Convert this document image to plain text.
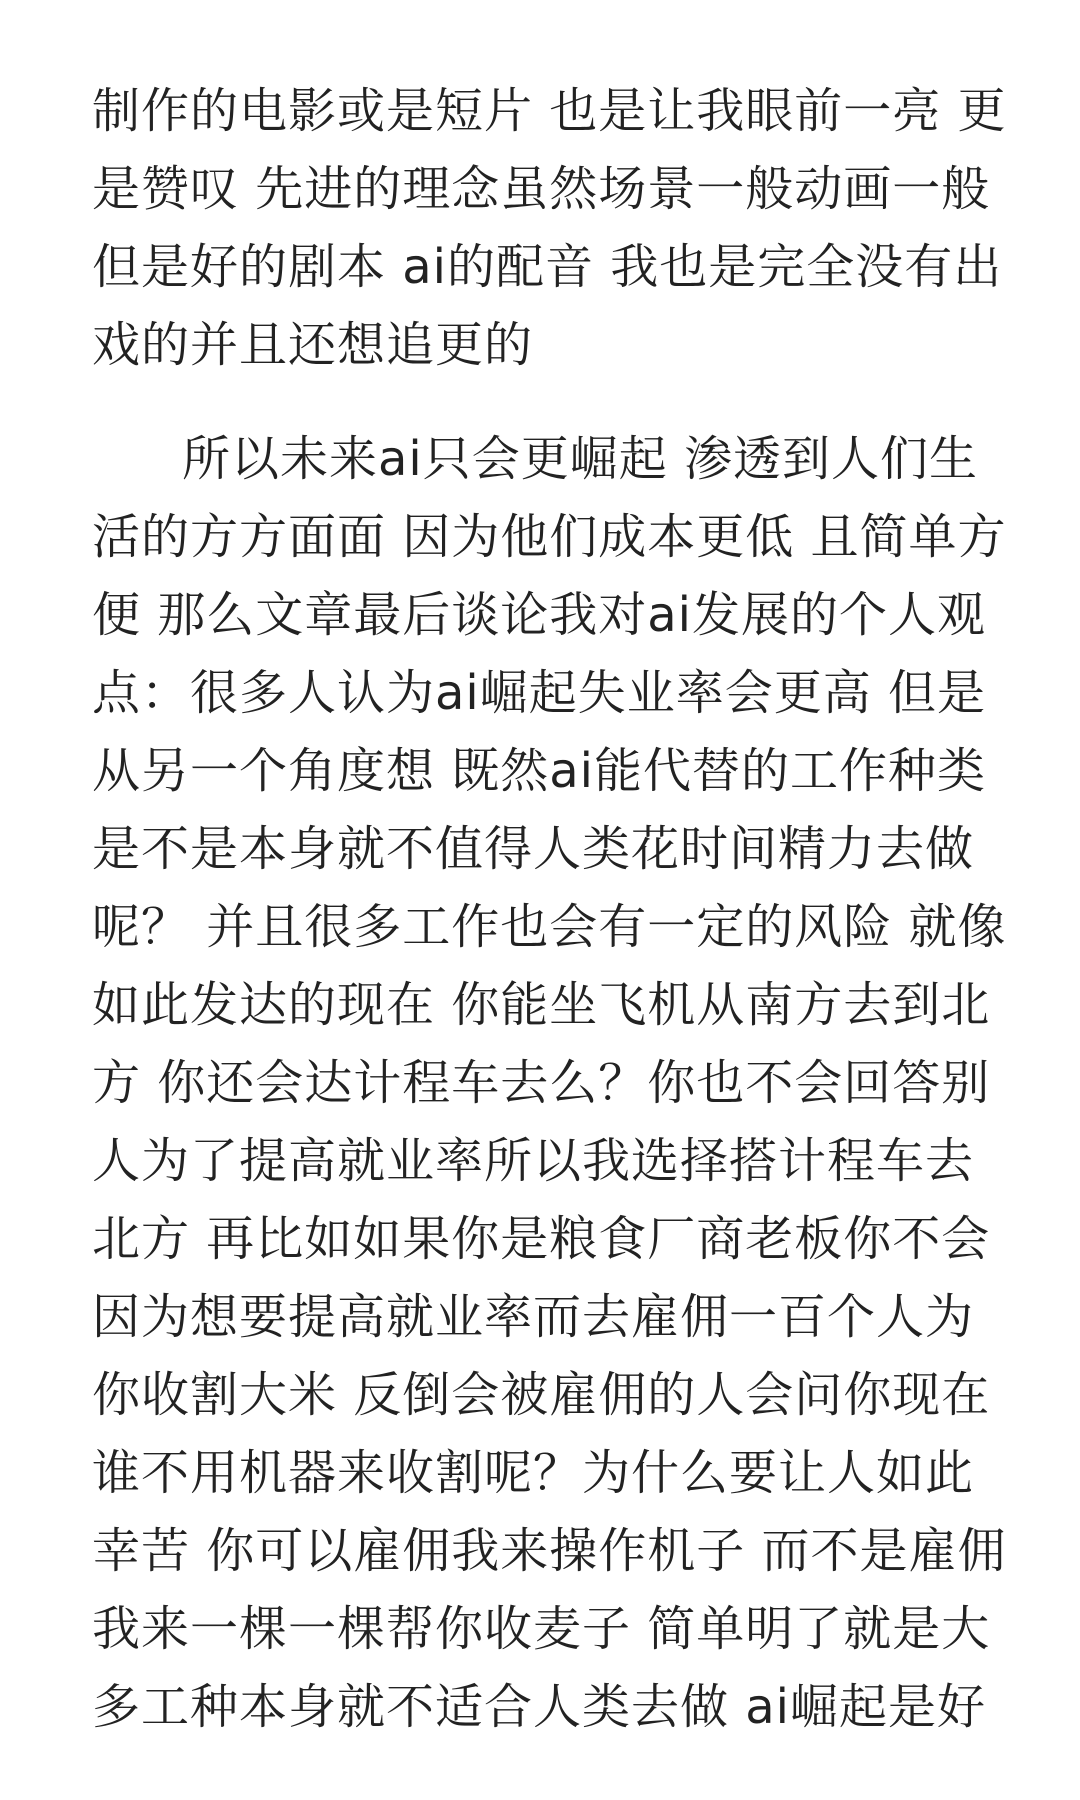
制作的电影或是短片 也是让我眼前一亮 更
是赞叹 先进的理念虽然场景一般动画一般
但是好的剧本 ai的配音 我也是完全没有出
戏的并且还想追更的
所以未来ai只会更崛起 渗透到人们生
活的方方面面 因为他们成本更低 且简单方
便 那么文章最后谈论我对ai发展的个人观
点：很多人认为ai崛起失业率会更高 但是
从另一个角度想 既然ai能代替的工作种类
是不是本身就不值得人类花时间精力去做
呢？ 并且很多工作也会有一定的风险 就像
如此发达的现在 你能坐飞机从南方去到北
方 你还会达计程车去么？你也不会回答别
人为了提高就业率所以我选择搭计程车去
北方 再比如如果你是粮食厂商老板你不会
因为想要提高就业率而去雇佣一百个人为
你收割大米 反倒会被雇佣的人会问你现在
谁不用机器来收割呢？为什么要让人如此
幸苦 你可以雇佣我来操作机子 而不是雇佣
我来一棵一棵帮你收麦子 简单明了就是大
多工种本身就不适合人类去做 ai崛起是好
